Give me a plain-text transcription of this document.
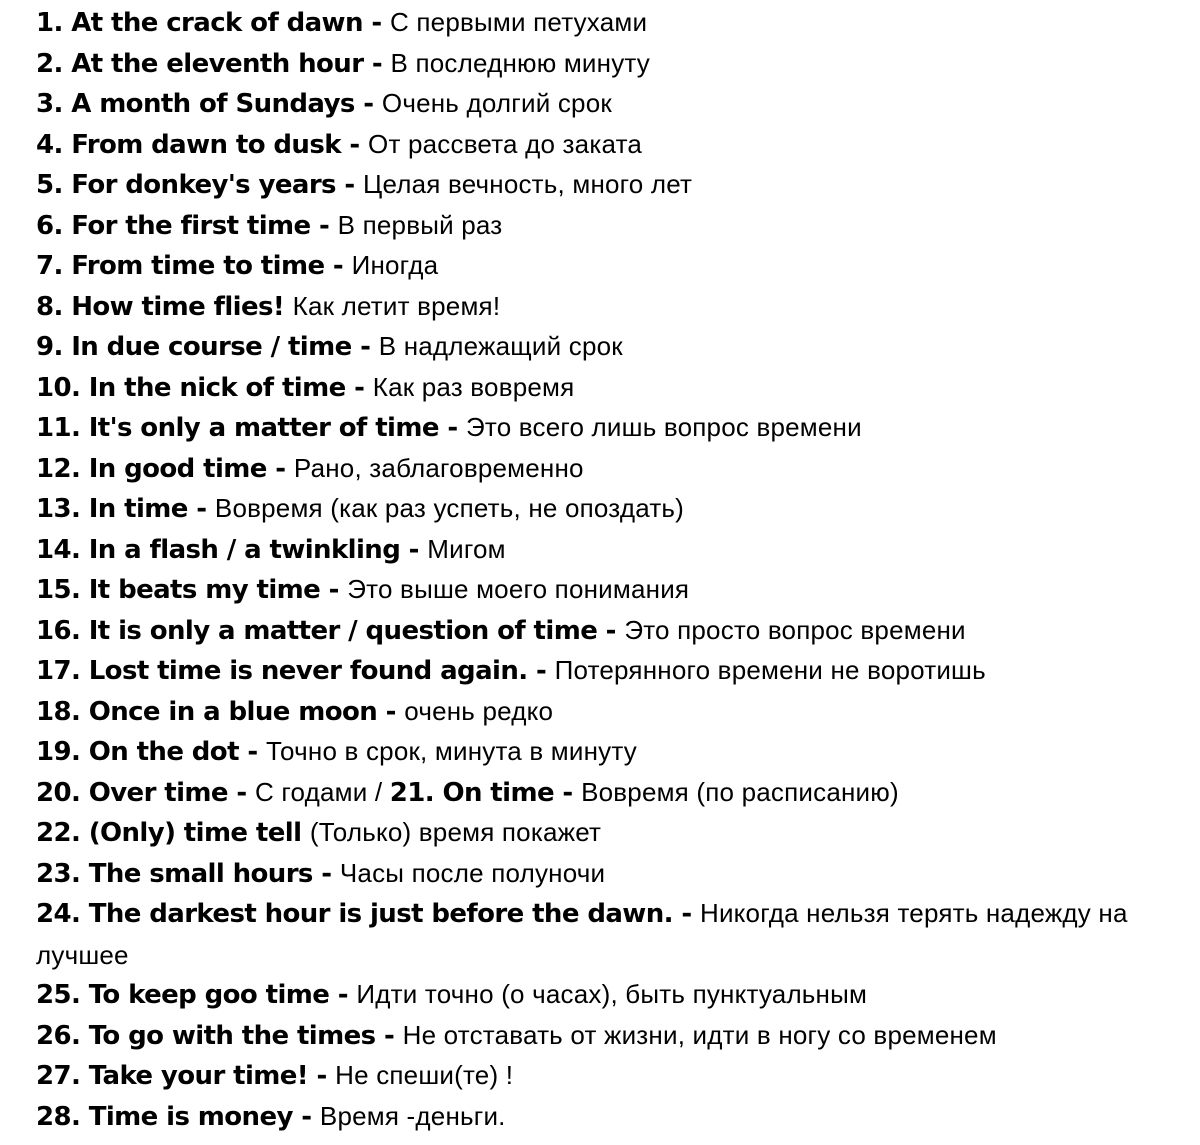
1. At the crack of dawn - С первыми петухами
2. At the eleventh hour - В последнюю минуту
3. A month of Sundays - Очень долгий срок
4. From dawn to dusk - От рассвета до заката
5. For donkey's years - Целая вечность, много лет
6. For the first time - В первый раз
7. From time to time - Иногда
8. How time flies! Как летит время!
9. In due course / time - В надлежащий срок
10. In the nick of time - Как раз вовремя
11. It's only a matter of time - Это всего лишь вопрос времени
12. In good time - Рано, заблаговременно
13. In time - Вовремя (как раз успеть, не опоздать)
14. In a flash / a twinkling - Мигом
15. It beats my time - Это выше моего понимания
16. It is only a matter / question of time - Это просто вопрос времени
17. Lost time is never found again. - Потерянного времени не воротишь
18. Once in a blue moon - очень редко
19. On the dot - Точно в срок, минута в минуту
20. Over time - С годами / 21. On time - Вовремя (по расписанию)
22. (Only) time tell (Только) время покажет
23. The small hours - Часы после полуночи
24. The darkest hour is just before the dawn. - Никогда нельзя терять надежду на лучшее
25. To keep goo time - Идти точно (о часах), быть пунктуальным
26. To go with the times - Не отставать от жизни, идти в ногу со временем
27. Take your time! - Не спеши(те) !
28. Time is money - Время -деньги.
